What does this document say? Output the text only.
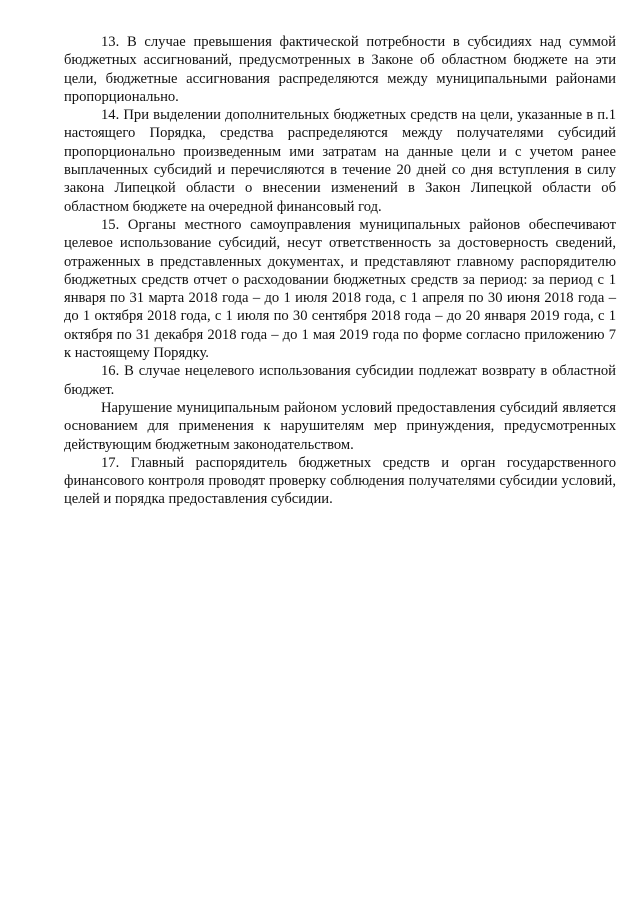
13. В случае превышения фактической потребности в субсидиях над суммой бюджетных ассигнований, предусмотренных в Законе об областном бюджете на эти цели, бюджетные ассигнования распределяются между муниципальными районами пропорционально.

14. При выделении дополнительных бюджетных средств на цели, указанные в п.1 настоящего Порядка, средства распределяются между получателями субсидий пропорционально произведенным ими затратам на данные цели и с учетом ранее выплаченных субсидий и перечисляются в течение 20 дней со дня вступления в силу закона Липецкой области о внесении изменений в Закон Липецкой области об областном бюджете на очередной финансовый год.

15. Органы местного самоуправления муниципальных районов обеспечивают целевое использование субсидий, несут ответственность за достоверность сведений, отраженных в представленных документах, и представляют главному распорядителю бюджетных средств отчет о расходовании бюджетных средств за период: за период с 1 января по 31 марта 2018 года – до 1 июля 2018 года, с 1 апреля по 30 июня 2018 года – до 1 октября 2018 года, с 1 июля по 30 сентября 2018 года – до 20 января 2019 года, с 1 октября по 31 декабря 2018 года – до 1 мая 2019 года по форме согласно приложению 7 к настоящему Порядку.

16. В случае нецелевого использования субсидии подлежат возврату в областной бюджет.

Нарушение муниципальным районом условий предоставления субсидий является основанием для применения к нарушителям мер принуждения, предусмотренных действующим бюджетным законодательством.

17. Главный распорядитель бюджетных средств и орган государственного финансового контроля проводят проверку соблюдения получателями субсидии условий, целей и порядка предоставления субсидии.
